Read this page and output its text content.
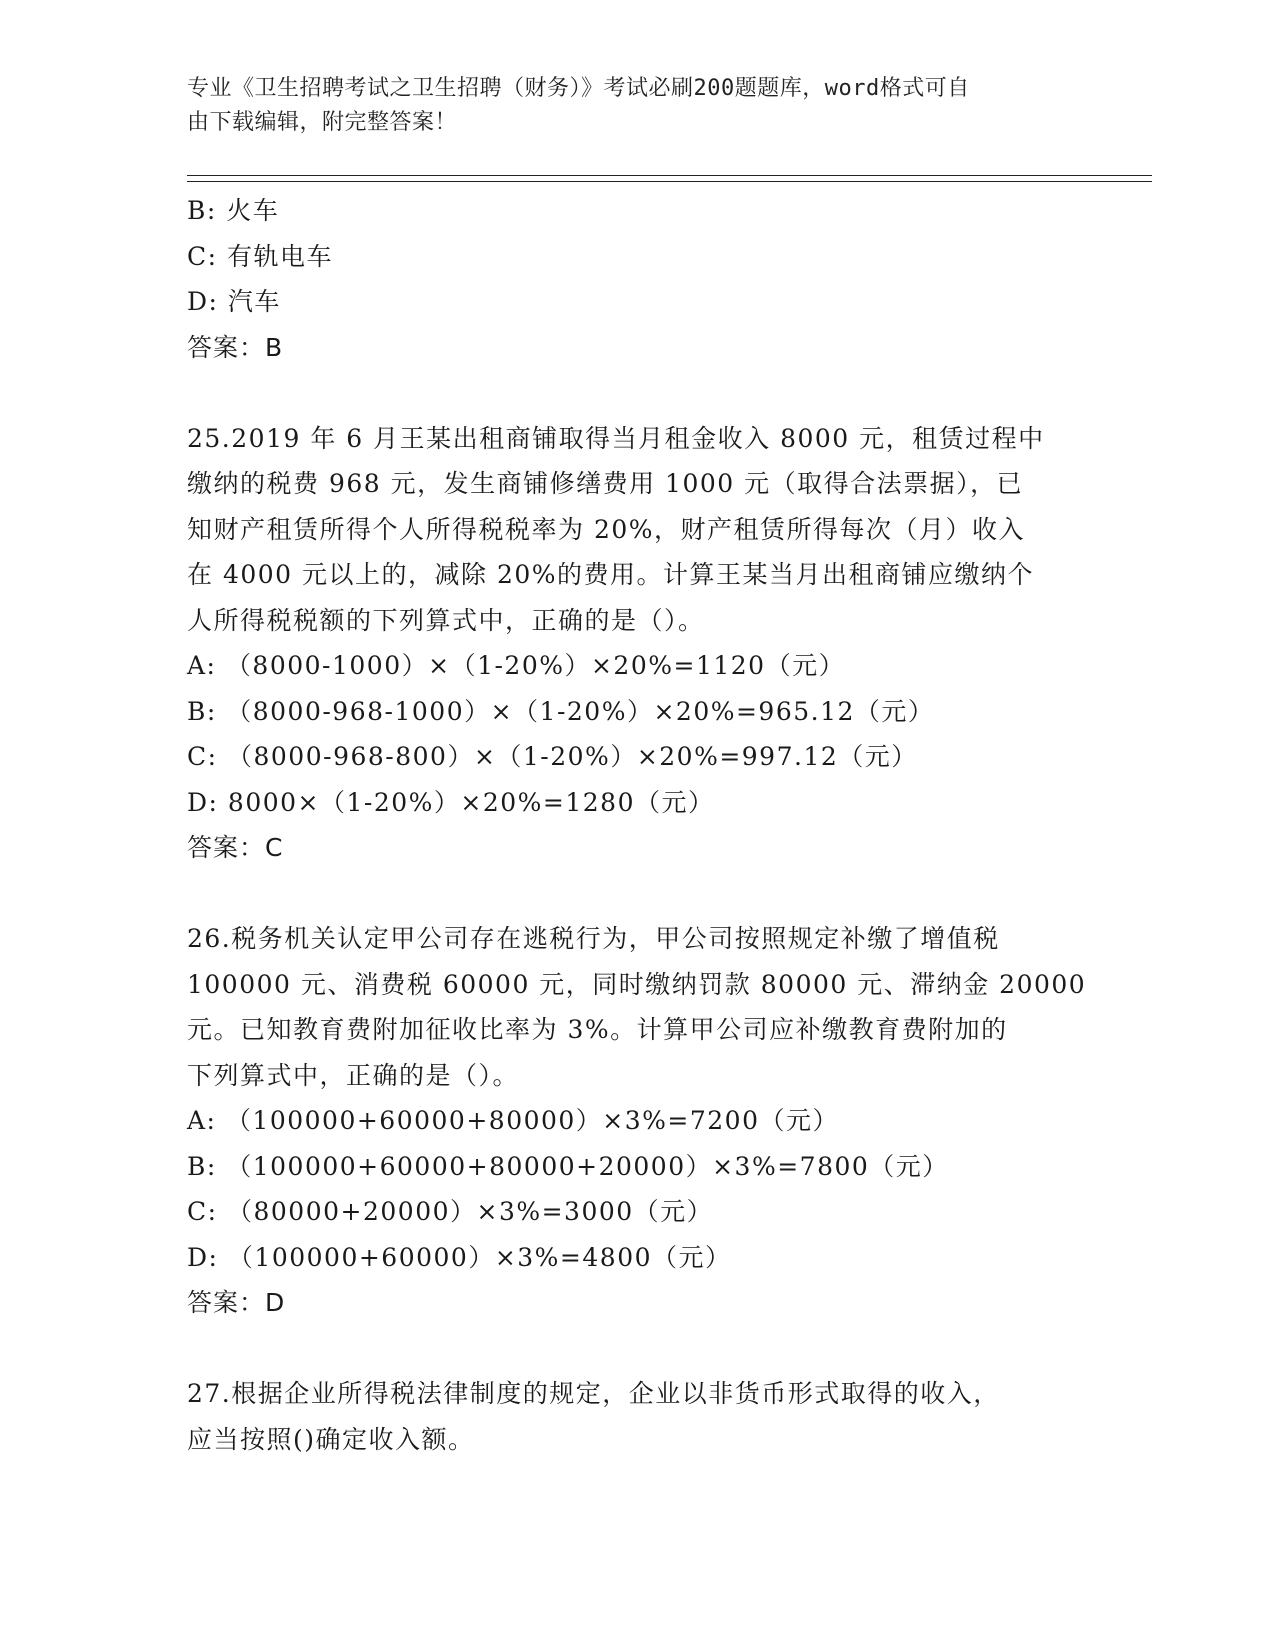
专业《卫生招聘考试之卫生招聘（财务）》考试必刷200题题库，word格式可自
由下载编辑，附完整答案！
B: 火车
C: 有轨电车
D: 汽车
答案：B
25.2019 年 6 月王某出租商铺取得当月租金收入 8000 元，租赁过程中
缴纳的税费 968 元，发生商铺修缮费用 1000 元（取得合法票据），已
知财产租赁所得个人所得税税率为 20%，财产租赁所得每次（月）收入
在 4000 元以上的，减除 20%的费用。计算王某当月出租商铺应缴纳个
人所得税税额的下列算式中，正确的是（）。
A: （8000-1000）×（1-20%）×20%=1120（元）
B: （8000-968-1000）×（1-20%）×20%=965.12（元）
C: （8000-968-800）×（1-20%）×20%=997.12（元）
D: 8000×（1-20%）×20%=1280（元）
答案：C
26.税务机关认定甲公司存在逃税行为，甲公司按照规定补缴了增值税
100000 元、消费税 60000 元，同时缴纳罚款 80000 元、滞纳金 20000
元。已知教育费附加征收比率为 3%。计算甲公司应补缴教育费附加的
下列算式中，正确的是（）。
A: （100000+60000+80000）×3%=7200（元）
B: （100000+60000+80000+20000）×3%=7800（元）
C: （80000+20000）×3%=3000（元）
D: （100000+60000）×3%=4800（元）
答案：D
27.根据企业所得税法律制度的规定，企业以非货币形式取得的收入，
应当按照()确定收入额。
